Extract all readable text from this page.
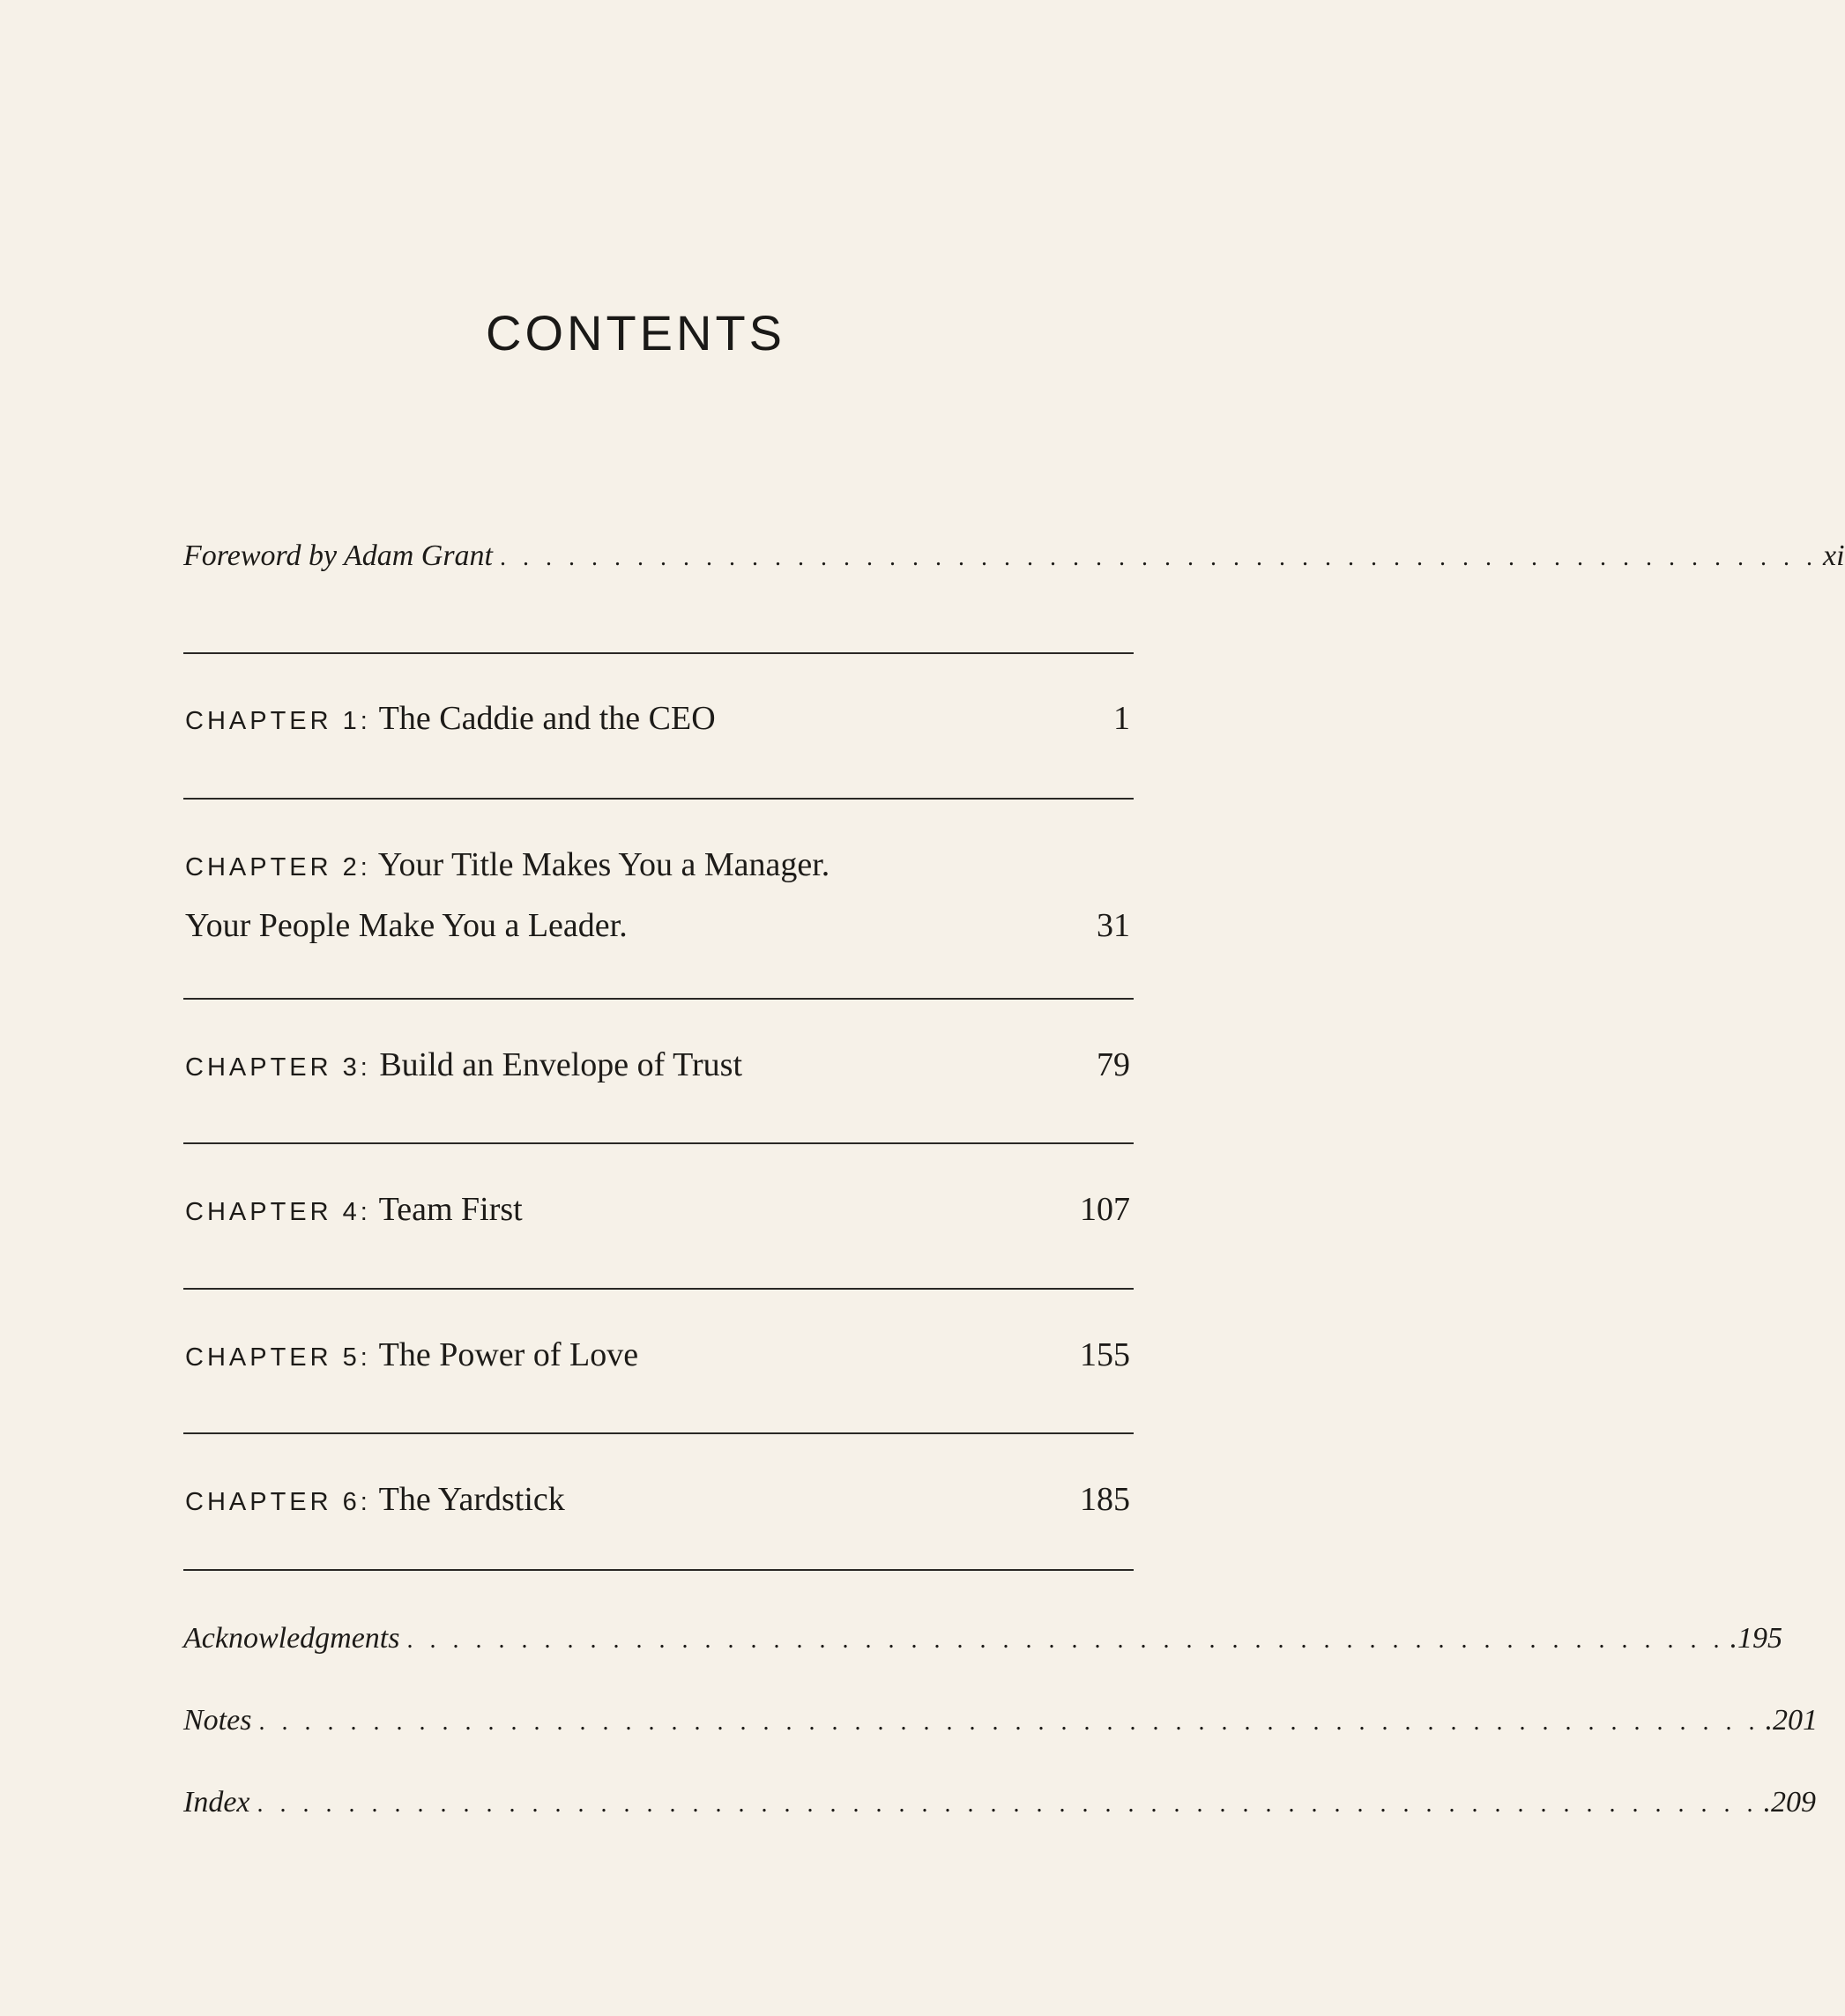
CONTENTS
Foreword by Adam Grant . . . . . . . . . . . . . . . . . . . . . . . . . . . . . . . . . . . . . . . . . . . . . . . . . . . . . . . . . . xi
CHAPTER 1: The Caddie and the CEO	1
CHAPTER 2: Your Title Makes You a Manager.
Your People Make You a Leader.	31
CHAPTER 3: Build an Envelope of Trust	79
CHAPTER 4: Team First	107
CHAPTER 5: The Power of Love	155
CHAPTER 6: The Yardstick	185
Acknowledgments . . . . . . . . . . . . . . . . . . . . . . . . . . . . . . . . . . . . . . . . . . . . . . . . . . . . . . . . . . .195
Notes . . . . . . . . . . . . . . . . . . . . . . . . . . . . . . . . . . . . . . . . . . . . . . . . . . . . . . . . . . . . . . . . . . .201
Index . . . . . . . . . . . . . . . . . . . . . . . . . . . . . . . . . . . . . . . . . . . . . . . . . . . . . . . . . . . . . . . . . . .209
